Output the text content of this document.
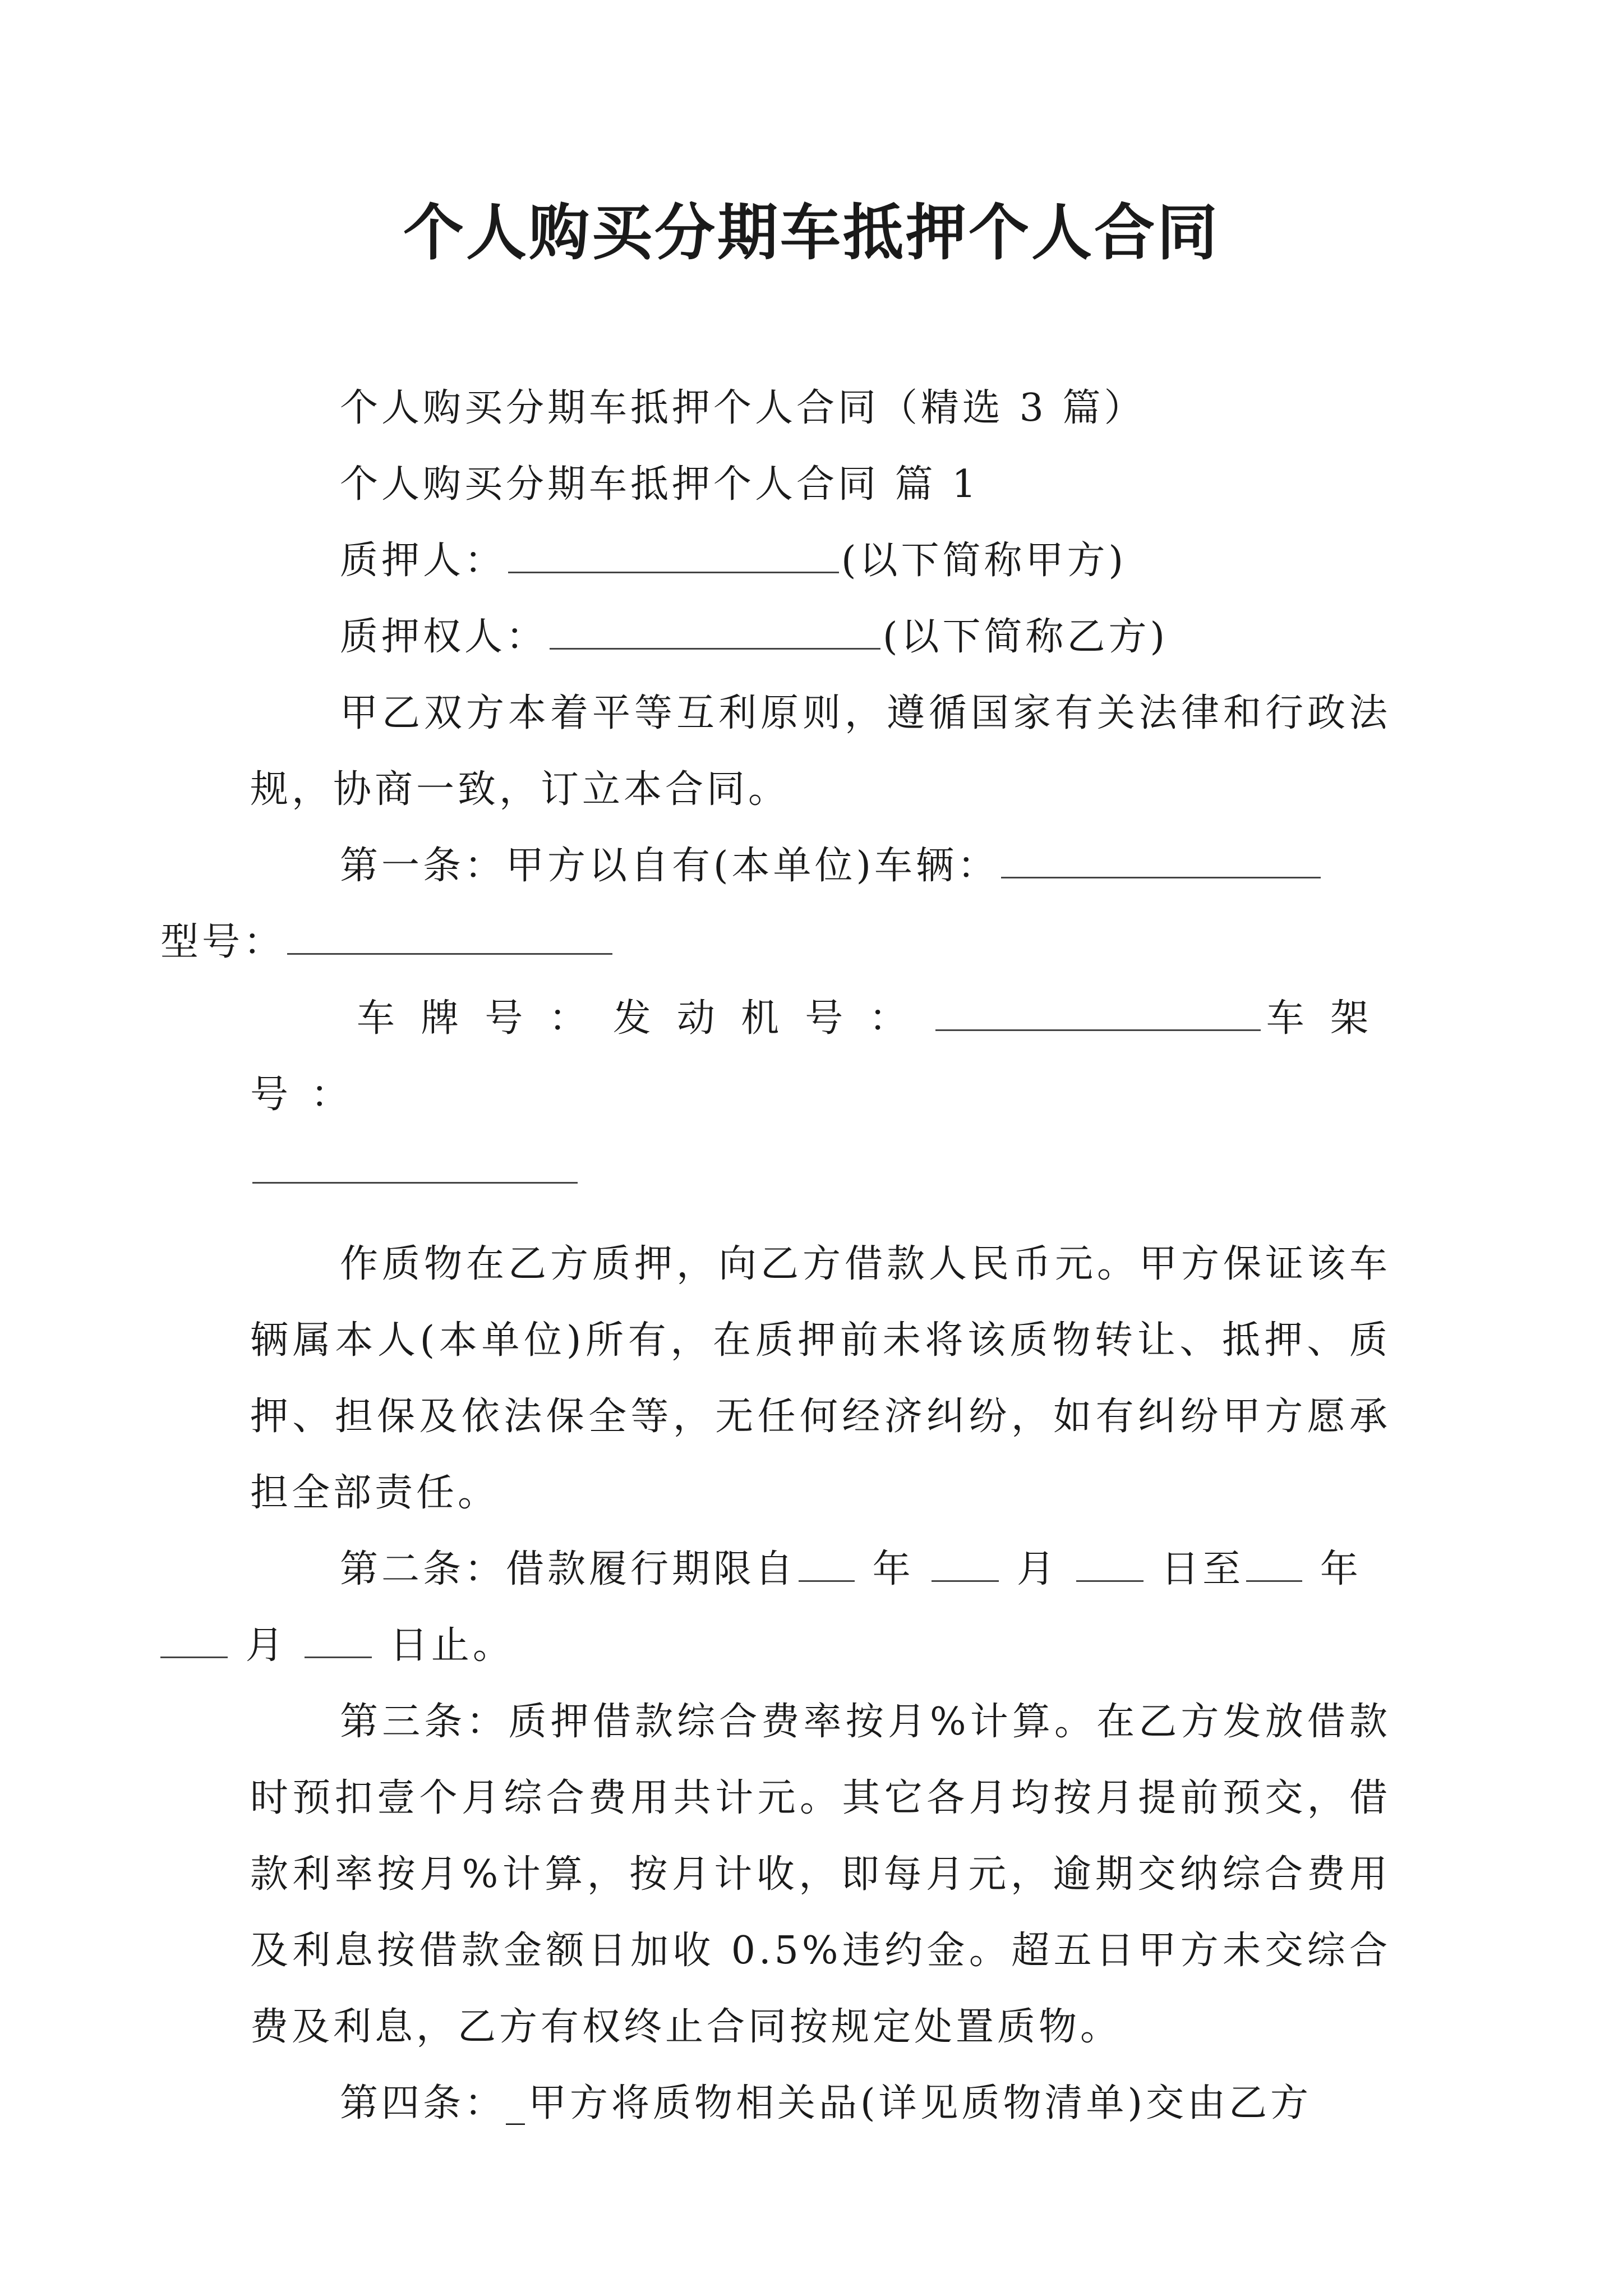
个人购买分期车抵押个人合同

个人购买分期车抵押个人合同（精选 3 篇）

个人购买分期车抵押个人合同 篇 1

质押人：	(以下简称甲方)

质押权人：	(以下简称乙方)

甲乙双方本着平等互利原则，遵循国家有关法律和行政法规，协商一致，订立本合同。

第一条：甲方以自有(本单位)车辆：
型号：

车牌号：发动机号：	车架号：

作质物在乙方质押，向乙方借款人民币元。甲方保证该车辆属本人(本单位)所有，在质押前未将该质物转让、抵押、质押、担保及依法保全等，无任何经济纠纷，如有纠纷甲方愿承担全部责任。

第二条：借款履行期限自 年	月	日至 年
月	日止。

第三条：质押借款综合费率按月%计算。在乙方发放借款时预扣壹个月综合费用共计元。其它各月均按月提前预交，借款利率按月%计算，按月计收，即每月元，逾期交纳综合费用及利息按借款金额日加收 0.5%违约金。超五日甲方未交综合费及利息，乙方有权终止合同按规定处置质物。

第四条：_甲方将质物相关品(详见质物清单)交由乙方
